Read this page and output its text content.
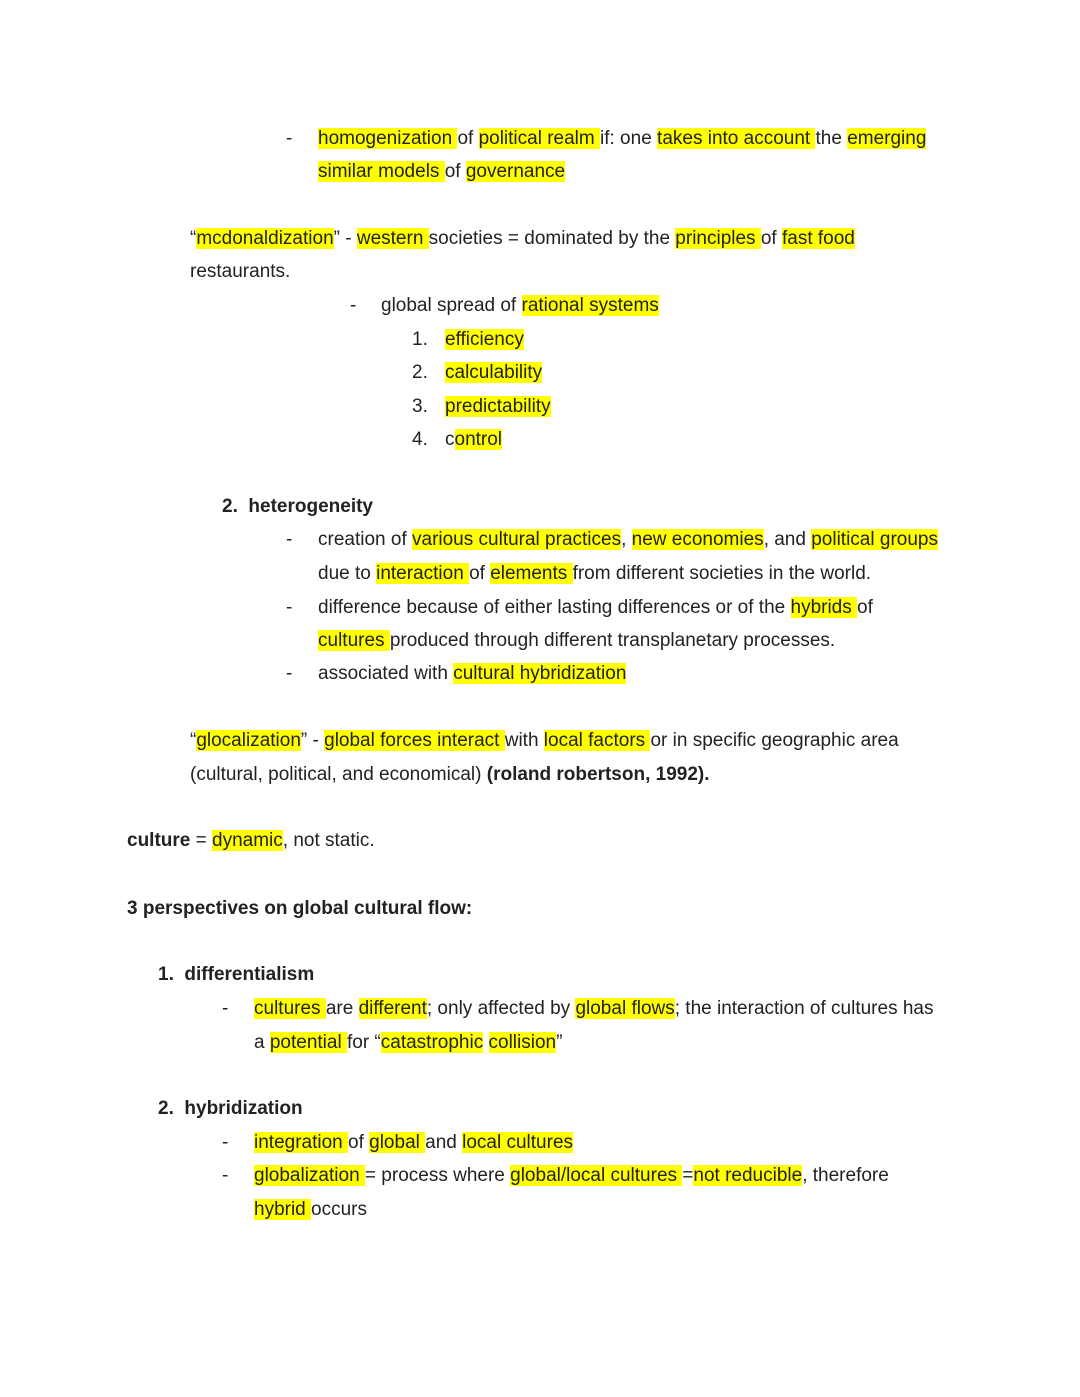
- homogenization of political realm if: one takes into account the emerging
similar models of governance
“mcdonaldization” - western societies = dominated by the principles of fast food
restaurants.
- global spread of rational systems
1. efficiency
2. calculability
3. predictability
4. control
2.  heterogeneity
- creation of various cultural practices, new economies, and political groups
due to interaction of elements from different societies in the world.
- difference because of either lasting differences or of the hybrids of
cultures produced through different transplanetary processes.
- associated with cultural hybridization
“glocalization” - global forces interact with local factors or in specific geographic area
(cultural, political, and economical) (roland robertson, 1992).
culture = dynamic, not static.
3 perspectives on global cultural flow:
1.  differentialism
- cultures are different; only affected by global flows; the interaction of cultures has
a potential for “catastrophic collision”
2.  hybridization
- integration of global and local cultures
- globalization = process where global/local cultures =not reducible, therefore
hybrid occurs
